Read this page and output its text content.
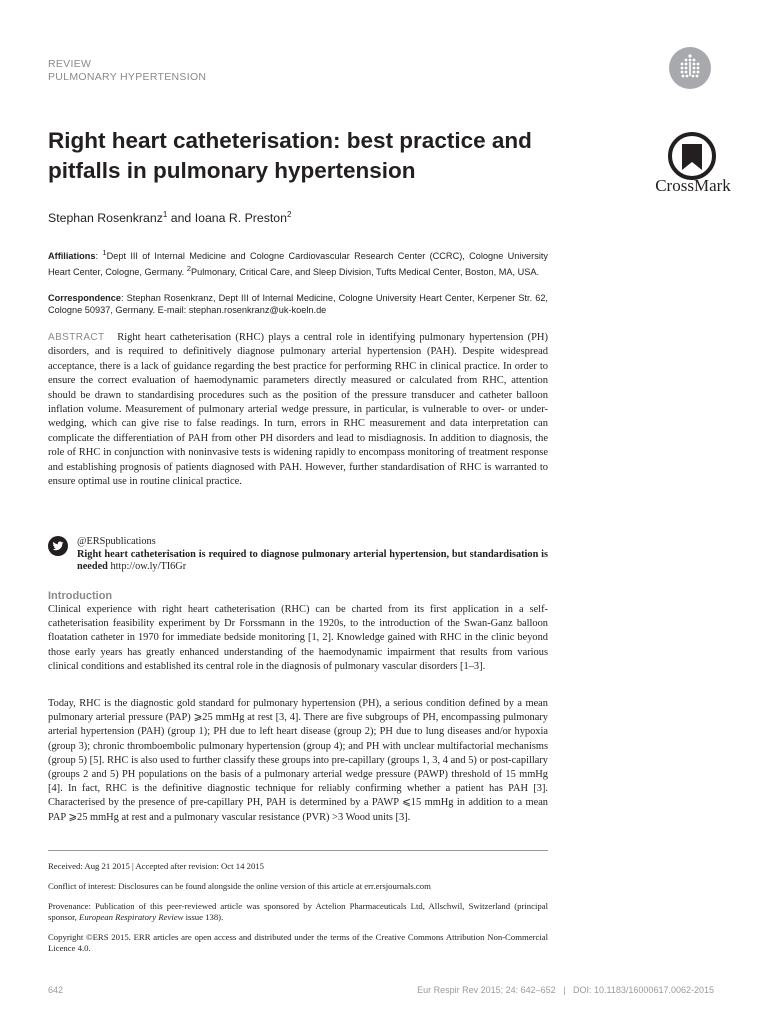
REVIEW
PULMONARY HYPERTENSION
Right heart catheterisation: best practice and pitfalls in pulmonary hypertension
CrossMark
Stephan Rosenkranz$^1$ and Ioana R. Preston$^2$
Affiliations: $^1$Dept III of Internal Medicine and Cologne Cardiovascular Research Center (CCRC), Cologne University Heart Center, Cologne, Germany. $^2$Pulmonary, Critical Care, and Sleep Division, Tufts Medical Center, Boston, MA, USA.
Correspondence: Stephan Rosenkranz, Dept III of Internal Medicine, Cologne University Heart Center, Kerpener Str. 62, Cologne 50937, Germany. E-mail: stephan.rosenkranz@uk-koeln.de
ABSTRACT Right heart catheterisation (RHC) plays a central role in identifying pulmonary hypertension (PH) disorders, and is required to definitively diagnose pulmonary arterial hypertension (PAH). Despite widespread acceptance, there is a lack of guidance regarding the best practice for performing RHC in clinical practice. In order to ensure the correct evaluation of haemodynamic parameters directly measured or calculated from RHC, attention should be drawn to standardising procedures such as the position of the pressure transducer and catheter balloon inflation volume. Measurement of pulmonary arterial wedge pressure, in particular, is vulnerable to over- or under-wedging, which can give rise to false readings. In turn, errors in RHC measurement and data interpretation can complicate the differentiation of PAH from other PH disorders and lead to misdiagnosis. In addition to diagnosis, the role of RHC in conjunction with noninvasive tests is widening rapidly to encompass monitoring of treatment response and establishing prognosis of patients diagnosed with PAH. However, further standardisation of RHC is warranted to ensure optimal use in routine clinical practice.
@ERSpublications
Right heart catheterisation is required to diagnose pulmonary arterial hypertension, but standardisation is needed http://ow.ly/TI6Gr
Introduction
Clinical experience with right heart catheterisation (RHC) can be charted from its first application in a self-catheterisation feasibility experiment by Dr Forssmann in the 1920s, to the introduction of the Swan-Ganz balloon floatation catheter in 1970 for immediate bedside monitoring [1, 2]. Knowledge gained with RHC in the clinic beyond those early years has greatly enhanced understanding of the haemodynamic impairment that results from various clinical conditions and established its central role in the diagnosis of pulmonary vascular disorders [1–3].
Today, RHC is the diagnostic gold standard for pulmonary hypertension (PH), a serious condition defined by a mean pulmonary arterial pressure (PAP) ⩾25 mmHg at rest [3, 4]. There are five subgroups of PH, encompassing pulmonary arterial hypertension (PAH) (group 1); PH due to left heart disease (group 2); PH due to lung diseases and/or hypoxia (group 3); chronic thromboembolic pulmonary hypertension (group 4); and PH with unclear multifactorial mechanisms (group 5) [5]. RHC is also used to further classify these groups into pre-capillary (groups 1, 3, 4 and 5) or post-capillary (groups 2 and 5) PH populations on the basis of a pulmonary arterial wedge pressure (PAWP) threshold of 15 mmHg [4]. In fact, RHC is the definitive diagnostic technique for reliably confirming whether a patient has PAH [3]. Characterised by the presence of pre-capillary PH, PAH is determined by a PAWP ⩽15 mmHg in addition to a mean PAP ⩾25 mmHg at rest and a pulmonary vascular resistance (PVR) >3 Wood units [3].
Received: Aug 21 2015 | Accepted after revision: Oct 14 2015
Conflict of interest: Disclosures can be found alongside the online version of this article at err.ersjournals.com
Provenance: Publication of this peer-reviewed article was sponsored by Actelion Pharmaceuticals Ltd, Allschwil, Switzerland (principal sponsor, European Respiratory Review issue 138).
Copyright ©ERS 2015. ERR articles are open access and distributed under the terms of the Creative Commons Attribution Non-Commercial Licence 4.0.
642	Eur Respir Rev 2015; 24: 642–652 | DOI: 10.1183/16000617.0062-2015
